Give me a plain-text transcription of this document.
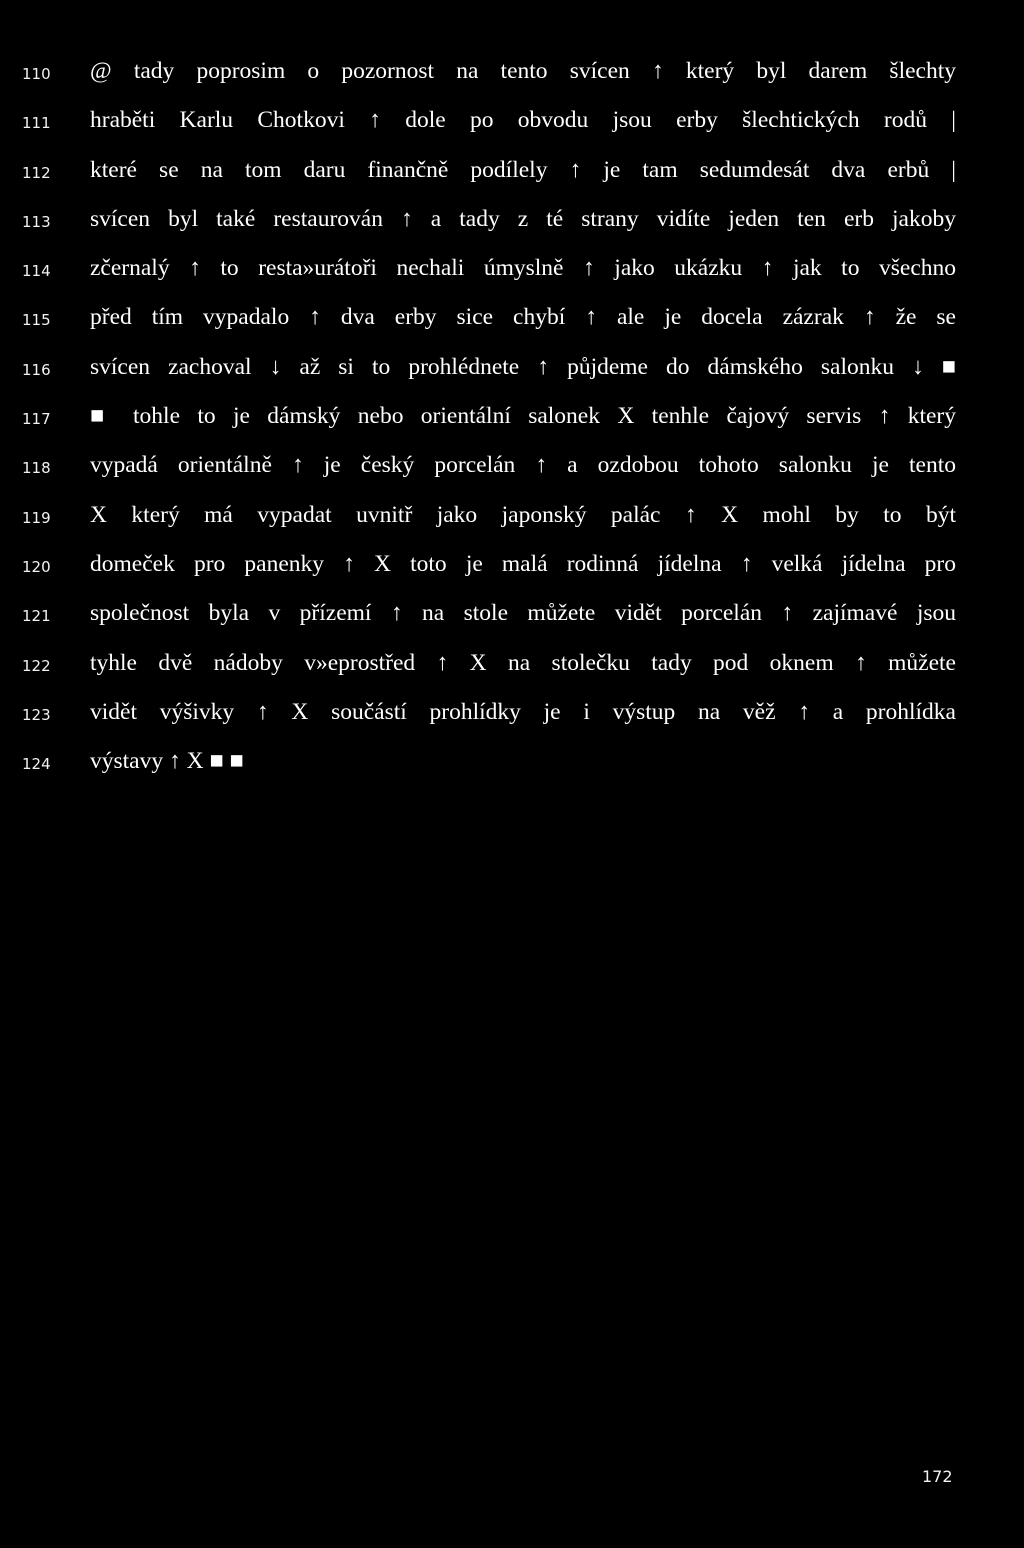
110 @ tady poprosim o pozornost na tento svícen ↑ který byl darem šlechty
111 hraběti Karlu Chotkovi ↑ dole po obvodu jsou erby šlechtických rodů |
112 které se na tom daru finančně podílely ↑ je tam sedumdesát dva erbů |
113 svícen byl také restaurován ↑ a tady z té strany vidíte jeden ten erb jakoby
114 zčernalý ↑ to resta»urátoři nechali úmyslně ↑ jako ukázku ↑ jak to všechno
115 před tím vypadalo ↑ dva erby sice chybí ↑ ale je docela zázrak ↑ že se
116 svícen zachoval ↓ až si to prohlédnete ↑ půjdeme do dámského salonku ↓ ■
117 ■ tohle to je dámský nebo orientální salonek X tenhle čajový servis ↑ který
118 vypadá orientálně ↑ je český porcelán ↑ a ozdobou tohoto salonku je tento
119 X který má vypadat uvnitř jako japonský palác ↑ X mohl by to být
120 domeček pro panenky ↑ X toto je malá rodinná jídelna ↑ velká jídelna pro
121 společnost byla v přízemí ↑ na stole můžete vidět porcelán ↑ zajímavé jsou
122 tyhle dvě nádoby v»eprostřed ↑ X na stolečku tady pod oknem ↑ můžete
123 vidět výšivky ↑ X součástí prohlídky je i výstup na věž ↑ a prohlídka
124 výstavy ↑ X ■ ■
172
